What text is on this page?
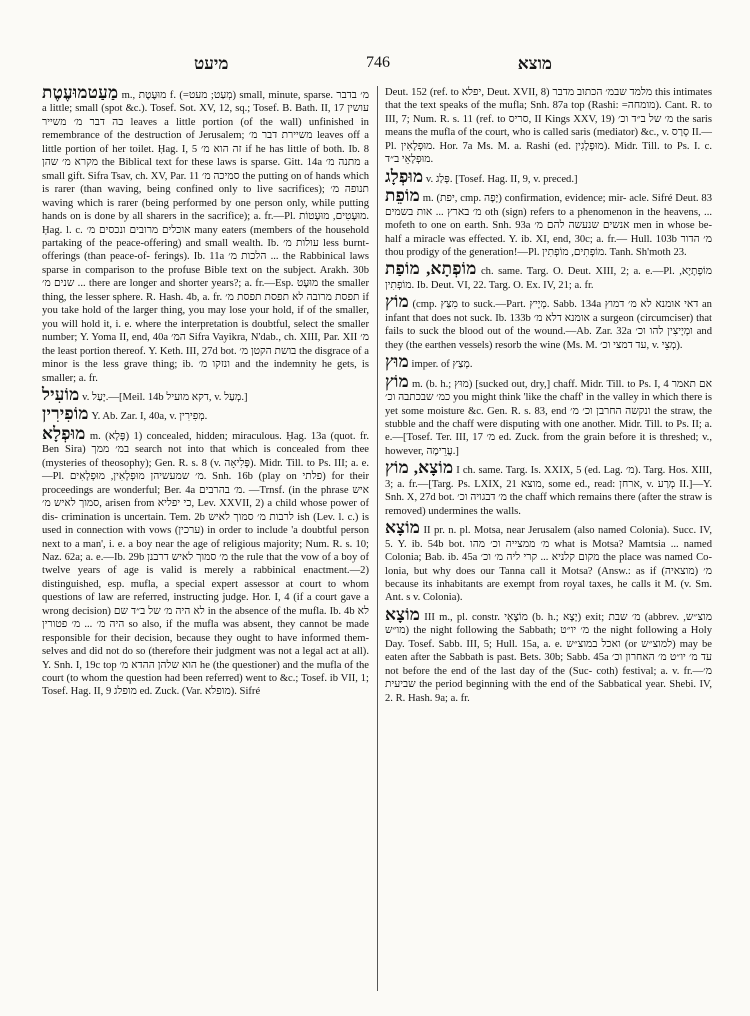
מיעט	746	מוצא
מַעַטמוּעֶטֶת m., מוּעֶטֶת f. (=מְעַט; מעט) small, minute, sparse. מ׳ בדבר a little; small (spot &c.). Tosef. Sot. XV, 12, sq.; Tosef. B. Bath. II, 17 עושין בה דבר מ׳ משייר leaves a little portion (of the wall) unfinished in remembrance of the destruction of Jerusalem; משיירת דבר מ׳ leaves off a little portion of her toilet. Ḥag. I, 5 זה הוא מ׳ if he has little of both. Ib. 8 מקרא מ׳ שהן the Biblical text for these laws is sparse. Gitt. 14a מתנה מ׳ a small gift. Sifra Tsav, ch. XV, Par. 11 סמיכה מ׳ the putting on of hands which is rarer (than waving, being confined only to live sacrifices); תנופה מ׳ waving which is rarer (being performed by one person only, while putting hands on is done by all sharers in the sacrifice); a. fr.—Pl. מוּעָטִים, מוּעָטוֹת. Ḥag. l. c. אוכלים מרובים ונכסים מ׳ many eaters (members of the household partaking of the peace-offering) and small wealth. Ib. עולות מ׳ less burnt-offerings (than peace-of- ferings). Ib. 11a הלכות מ׳ ... the Rabbinical laws sparse in comparison to the profuse Bible text on the subject. Arakh. 30b שנים מ׳ ... there are longer and shorter years?; a. fr.—Esp. מוּעָט the smaller thing, the lesser sphere. R. Hash. 4b, a. fr. תפסת מרובה לא תפסת תפסת מ׳ if you take hold of the larger thing, you may lose your hold, if of the smaller, you will hold it, i. e. where the interpretation is doubtful, select the smaller number; Y. Yoma II, end, 40a המ׳ Sifra Vayikra, N'dab., ch. XIII, Par. XII מ׳ the least portion thereof. Y. Keth. III, 27d bot. בושת הקטן מ׳ the disgrace of a minor is the less grave thing; ib. ונזקו מ׳ and the indemnity he gets, is smaller; a. fr.
מוֹעִיל v. יָעַל.—[Meil. 14b דקא מועיל, v. מְעַל.]
מוֹפִירִין Y. Ab. Zar. I, 40a, v. מְפִירִין.
מוּפְלָא m. (פָּלָא) 1) concealed, hidden; miraculous. Ḥag. 13a (quot. fr. Ben Sira) במ׳ ממך search not into that which is concealed from thee (mysteries of theosophy); Gen. R. s. 8 (v. פְּלִיאָה). Midr. Till. to Ps. III; a. e.—Pl. מ׳ שמעשיהן מוּפְלָאִין, מוּפְלָאִים. Snh. 16b (play on פלתי) for their proceedings are wonderful; Ber. 4a מ׳ בהרבים. —Trnsf. (in the phrase איש סמוך לאיש מ׳, arisen from כי יפליא, Lev. XXVII, 2) a child whose power of dis- crimination is uncertain. Tem. 2b לרבות מ׳ סמוך לאיש ish (Lev. l. c.) is used in connection with vows (ערכין) in order to include 'a doubtful person next to a man', i. e. a boy near the age of religious majority; Num. R. s. 10; Naz. 62a; a. e.—Ib. 29b מ׳ סמוך לאיש דרבנן the rule that the vow of a boy of twelve years of age is valid is merely a rabbinical enactment.—2) distinguished, esp. mufla, a special expert assessor at court to whom questions of law are referred, instructing judge. Hor. I, 4 (if a court gave a wrong decision) לא היה מ׳ של ב״ד שם in the absence of the mufla. Ib. 4b לא היה מ׳ ... מ׳ פטורין so also, if the mufla was absent, they cannot be made responsible for their decision, because they ought to have informed them- selves and did not do so (therefore their judgment was not a legal act at all). Y. Snh. I, 19c top הוא שלהן ההדא מ׳ he (the questioner) and the mufla of the court (to whom the question had been referred) went to &c.; Tosef. ib VII, 1; Tosef. Hag. II, 9 מופלג ed. Zuck. (Var. מופלא). Sifré
Deut. 152 (ref. to יפלא, Deut. XVII, 8) מלמד שבמ׳ הכתוב מדבר this intimates that the text speaks of the mufla; Snh. 87a top (Rashi: =מומחה). Cant. R. to III, 7; Num. R. s. 11 (ref. to סריס, II Kings XXV, 19) מ׳ של ב״ד וכ׳ the saris means the mufla of the court, who is called saris (mediator) &c., v. סְרַס II.—Pl. מוּפְלָאִין. Hor. 7a Ms. M. a. Rashi (ed. מוּפְלָגִין). Midr. Till. to Ps. I. c. מוּפְלָאֵי ב״ד.
מוּפְלָג v. פְּלַג. [Tosef. Hag. II, 9, v. preced.]
מוֹפֵת m. (יפת, cmp. יָפָה) confirmation, evidence; mir- acle. Sifré Deut. 83 מ׳ בארץ ... אות בשמים oth (sign) refers to a phenomenon in the heavens, ... mofeth to one on earth. Snh. 93a אנשים שנעשה להם מ׳ men in whose be- half a miracle was effected. Y. ib. XI, end, 30c; a. fr.— Hull. 103b מ׳ הדור thou prodigy of the generation!—Pl. מוֹפְתִים, מוֹפְתִין. Tanh. Sh'moth 23.
מוֹפְתָא, מוֹפַת ch. same. Targ. O. Deut. XIII, 2; a. e.—Pl. מוֹפְתָיָא, מוֹפְתִין. Ib. Deut. VI, 22. Targ. O. Ex. IV, 21; a. fr.
מוֹץ (cmp. מִצַּץ to suck.—Part. מְיָיץ. Sabb. 134a דאי אומנא לא מ׳ דמוץ an infant that does not suck. Ib. 133b אומנא דלא מ׳ a surgeon (circumciser) that fails to suck the blood out of the wound.—Ab. Zar. 32a ומְיָיצִין להו וכ׳ and they (the earthen vessels) resorb the wine (Ms. M. עד דמצי וכ׳, v. מְצֵי).
מוּץ imper. of מְצַץ.
מוֹץ m. (b. h.; מוּץ) [sucked out, dry,] chaff. Midr. Till. to Ps. I, 4 אם תאמר כמ׳ שבכתבה וכ׳ you might think 'like the chaff' in the valley in which there is yet some moisture &c. Gen. R. s. 83, end ונקשה החרבן וכ׳ מ׳ the straw, the stubble and the chaff were disputing with one another. Midr. Till. to Ps. II; a. e.—[Tosef. Ter. III, 17 מ׳ ed. Zuck. from the grain before it is threshed; v., however, עֲרֵימָה.]
מוֹצָא, מוֹץ I ch. same. Targ. Is. XXIX, 5 (ed. Lag. מ׳). Targ. Hos. XIII, 3; a. fr.—[Targ. Ps. LXIX, 21 מוצא, some ed., read: ארחן, v. מְרַע II.]—Y. Snh. X, 27d bot. מ׳ דבגויה וכ׳ the chaff which remains there (after the straw is removed) undermines the walls.
מוֹצָא II pr. n. pl. Motsa, near Jerusalem (also named Colonia). Succ. IV, 5. Y. ib. 54b bot. מ׳ ממצייה וכ׳ מהו what is Motsa? Mamtsia ... named Colonia; Bab. ib. 45a מקום קלניא ... קרי ליה מ׳ וכ׳ the place was named Co- lonia, but why does our Tanna call it Motsa? (Answ.: as if מ׳ (מוצאיה) because its inhabitants are exempt from royal taxes, he calls it M. (v. Sm. Ant. s v. Colonia).
מוֹצָא III m., pl. constr. מוֹצָאֵי (b. h.; יָצָא) exit; מ׳ שבת (abbrev. מוצ״ש, מו״ש) the night following the Sabbath; מ׳ יו״ט the night following a Holy Day. Tosef. Sabb. III, 5; Hull. 15a, a. e. ואכל במוצ״ש (or למוצ״ש) may be eaten after the Sabbath is past. Bets. 30b; Sabb. 45a עד מ׳ יו״ט מ׳ האחרון וכ׳ not before the end of the last day of the (Suc- coth) festival; a. v. fr.—מ׳ שביעית the period beginning with the end of the Sabbatical year. Shebi. IV, 2. R. Hash. 9a; a. fr.
